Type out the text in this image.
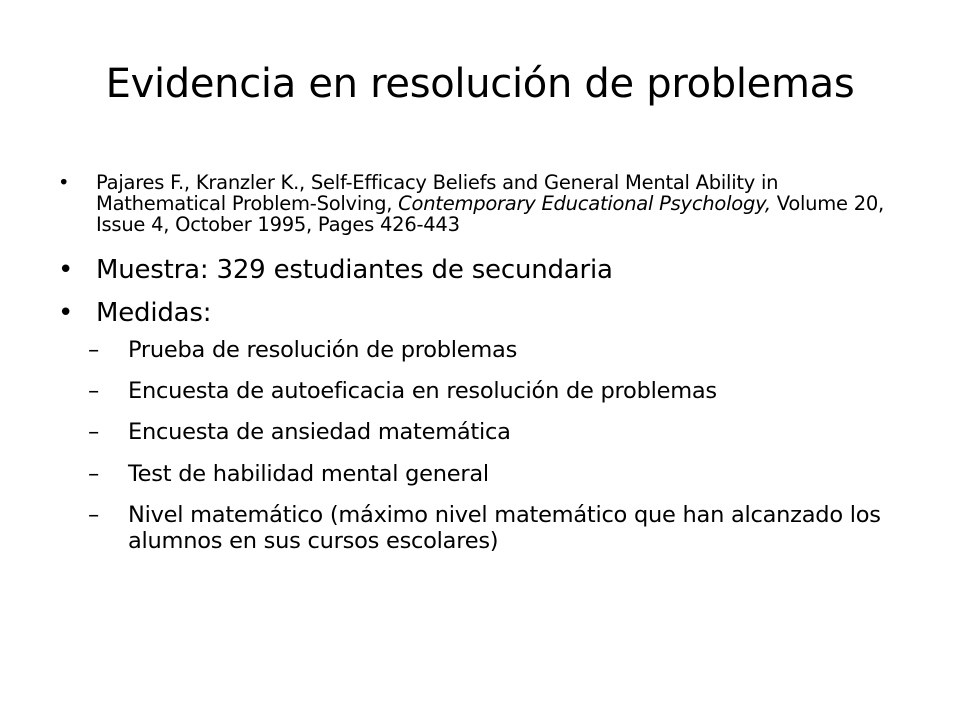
Evidencia en resolución de problemas
• Pajares F., Kranzler K., Self-Efficacy Beliefs and General Mental Ability in Mathematical Problem-Solving, Contemporary Educational Psychology, Volume 20, Issue 4, October 1995, Pages 426-443
• Muestra: 329 estudiantes de secundaria
• Medidas:
– Prueba de resolución de problemas
– Encuesta de autoeficacia en resolución de problemas
– Encuesta de ansiedad matemática
– Test de habilidad mental general
– Nivel matemático (máximo nivel matemático que han alcanzado los alumnos en sus cursos escolares)
